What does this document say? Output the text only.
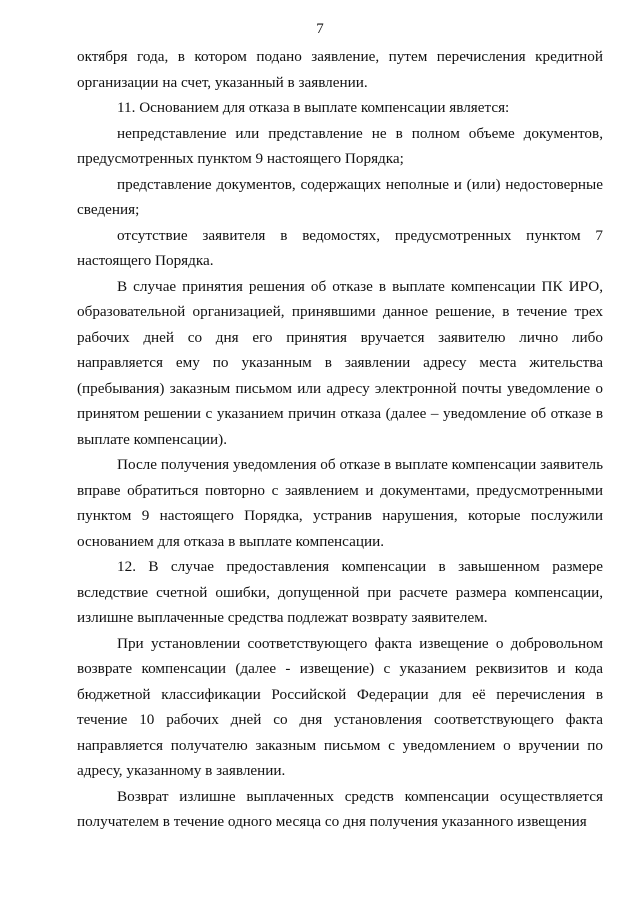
7

октября года, в котором подано заявление, путем перечисления кредитной организации на счет, указанный в заявлении.

11. Основанием для отказа в выплате компенсации является:

непредставление или представление не в полном объеме документов, предусмотренных пунктом 9 настоящего Порядка;

представление документов, содержащих неполные и (или) недостоверные сведения;

отсутствие заявителя в ведомостях, предусмотренных пунктом 7 настоящего Порядка.

В случае принятия решения об отказе в выплате компенсации ПК ИРО, образовательной организацией, принявшими данное решение, в течение трех рабочих дней со дня его принятия вручается заявителю лично либо направляется ему по указанным в заявлении адресу места жительства (пребывания) заказным письмом или адресу электронной почты уведомление о принятом решении с указанием причин отказа (далее – уведомление об отказе в выплате компенсации).

После получения уведомления об отказе в выплате компенсации заявитель вправе обратиться повторно с заявлением и документами, предусмотренными пунктом 9 настоящего Порядка, устранив нарушения, которые послужили основанием для отказа в выплате компенсации.

12. В случае предоставления компенсации в завышенном размере вследствие счетной ошибки, допущенной при расчете размера компенсации, излишне выплаченные средства подлежат возврату заявителем.

При установлении соответствующего факта извещение о добровольном возврате компенсации (далее - извещение) с указанием реквизитов и кода бюджетной классификации Российской Федерации для её перечисления в течение 10 рабочих дней со дня установления соответствующего факта направляется получателю заказным письмом с уведомлением о вручении по адресу, указанному в заявлении.

Возврат излишне выплаченных средств компенсации осуществляется получателем в течение одного месяца со дня получения указанного извещения
